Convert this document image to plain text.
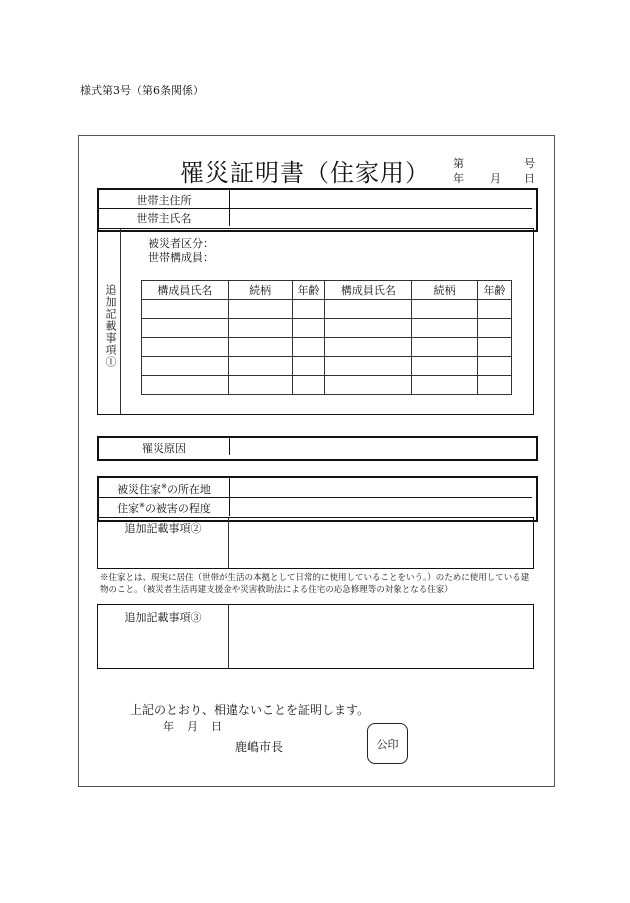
様式第3号（第6条関係）
罹災証明書（住家用） 第	号
年 月 日
世帯主住所
世帯主氏名
追加記載事項①
被災者区分：
世帯構成員：
構成員氏名	続柄	年齢	構成員氏名	続柄	年齢

罹災原因
被災住家※の所在地
住家※の被害の程度
追加記載事項②
※住家とは、現実に居住（世帯が生活の本拠として日常的に使用していることをいう。）のために使用している建物のこと。（被災者生活再建支援金や災害救助法による住宅の応急修理等の対象となる住家）
追加記載事項③
上記のとおり、相違ないことを証明します。
年 月 日
鹿嶋市長	公印
